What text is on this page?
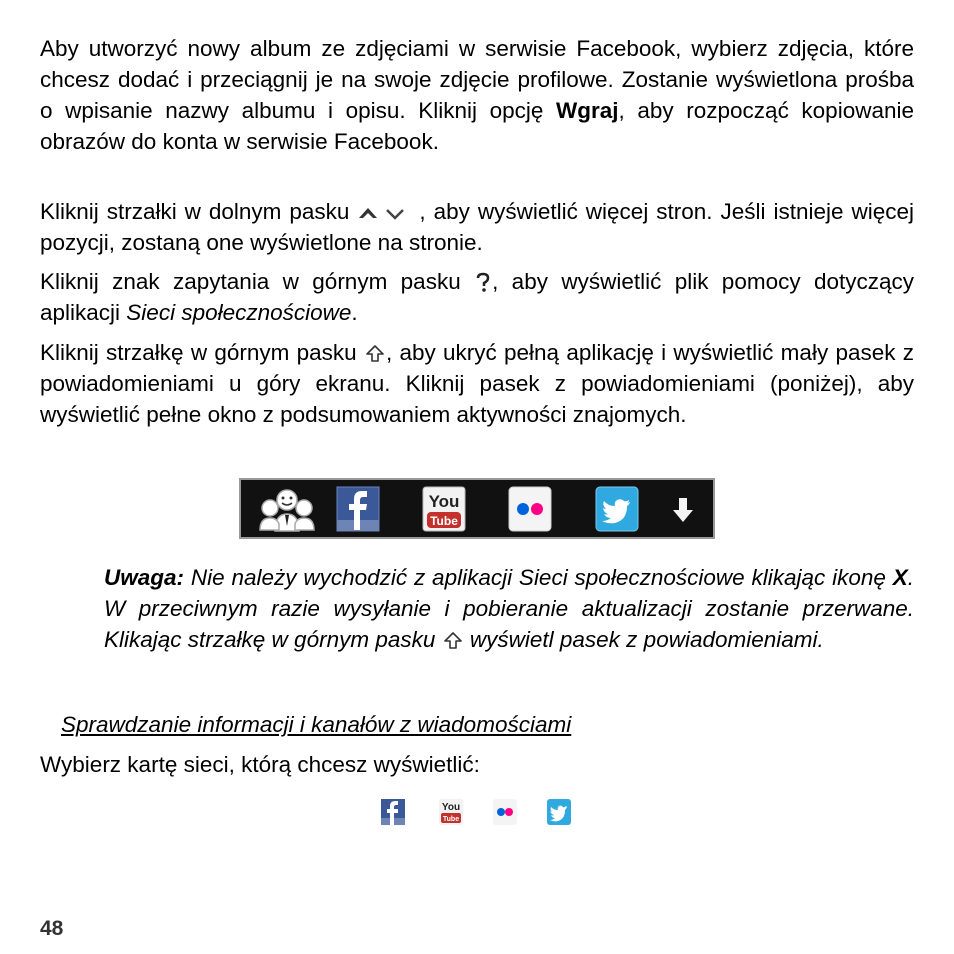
Aby utworzyć nowy album ze zdjęciami w serwisie Facebook, wybierz zdjęcia, które chcesz dodać i przeciągnij je na swoje zdjęcie profilowe. Zostanie wyświetlona prośba o wpisanie nazwy albumu i opisu. Kliknij opcję Wgraj, aby rozpocząć kopiowanie obrazów do konta w serwisie Facebook.

Kliknij strzałki w dolnym pasku	, aby wyświetlić więcej stron. Jeśli istnieje więcej pozycji, zostaną one wyświetlone na stronie.

Kliknij znak zapytania w górnym pasku
, aby wyświetlić plik pomocy dotyczący aplikacji Sieci społecznościowe.

Kliknij strzałkę w górnym pasku
, aby ukryć pełną aplikację i wyświetlić mały pasek z powiadomieniami u góry ekranu. Kliknij pasek z powiadomieniami (poniżej), aby wyświetlić pełne okno z podsumowaniem aktywności znajomych.

You
Tube

Uwaga: Nie należy wychodzić z aplikacji Sieci społecznościowe klikając ikonę X. W przeciwnym razie wysyłanie i pobieranie aktualizacji zostanie przerwane. Klikając strzałkę w górnym pasku
wyświetl pasek z powiadomieniami.

Sprawdzanie informacji i kanałów z wiadomościami

Wybierz kartę sieci, którą chcesz wyświetlić:

You
Tube
48
